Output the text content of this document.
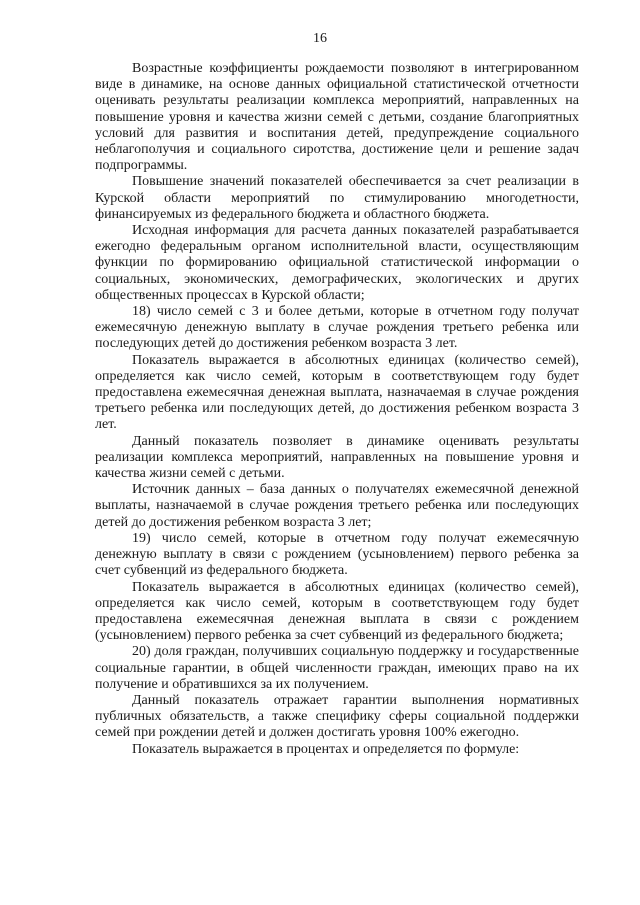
16

Возрастные коэффициенты рождаемости позволяют в интегрированном виде в динамике, на основе данных официальной статистической отчетности оценивать результаты реализации комплекса мероприятий, направленных на повышение уровня и качества жизни семей с детьми, создание благоприятных условий для развития и воспитания детей, предупреждение социального неблагополучия и социального сиротства, достижение цели и решение задач подпрограммы.

Повышение значений показателей обеспечивается за счет реализации в Курской области мероприятий по стимулированию многодетности, финансируемых из федерального бюджета и областного бюджета.

Исходная информация для расчета данных показателей разрабатывается ежегодно федеральным органом исполнительной власти, осуществляющим функции по формированию официальной статистической информации о социальных, экономических, демографических, экологических и других общественных процессах в Курской области;

18) число семей с 3 и более детьми, которые в отчетном году получат ежемесячную денежную выплату в случае рождения третьего ребенка или последующих детей до достижения ребенком возраста 3 лет.

Показатель выражается в абсолютных единицах (количество семей), определяется как число семей, которым в соответствующем году будет предоставлена ежемесячная денежная выплата, назначаемая в случае рождения третьего ребенка или последующих детей, до достижения ребенком возраста 3 лет.

Данный показатель позволяет в динамике оценивать результаты реализации комплекса мероприятий, направленных на повышение уровня и качества жизни семей с детьми.

Источник данных – база данных о получателях ежемесячной денежной выплаты, назначаемой в случае рождения третьего ребенка или последующих детей до достижения ребенком возраста 3 лет;

19) число семей, которые в отчетном году получат ежемесячную денежную выплату в связи с рождением (усыновлением) первого ребенка за счет субвенций из федерального бюджета.

Показатель выражается в абсолютных единицах (количество семей), определяется как число семей, которым в соответствующем году будет предоставлена ежемесячная денежная выплата в связи с рождением (усыновлением) первого ребенка за счет субвенций из федерального бюджета;

20) доля граждан, получивших социальную поддержку и государственные социальные гарантии, в общей численности граждан, имеющих право на их получение и обратившихся за их получением.

Данный показатель отражает гарантии выполнения нормативных публичных обязательств, а также специфику сферы социальной поддержки семей при рождении детей и должен достигать уровня 100% ежегодно.

Показатель выражается в процентах и определяется по формуле:
